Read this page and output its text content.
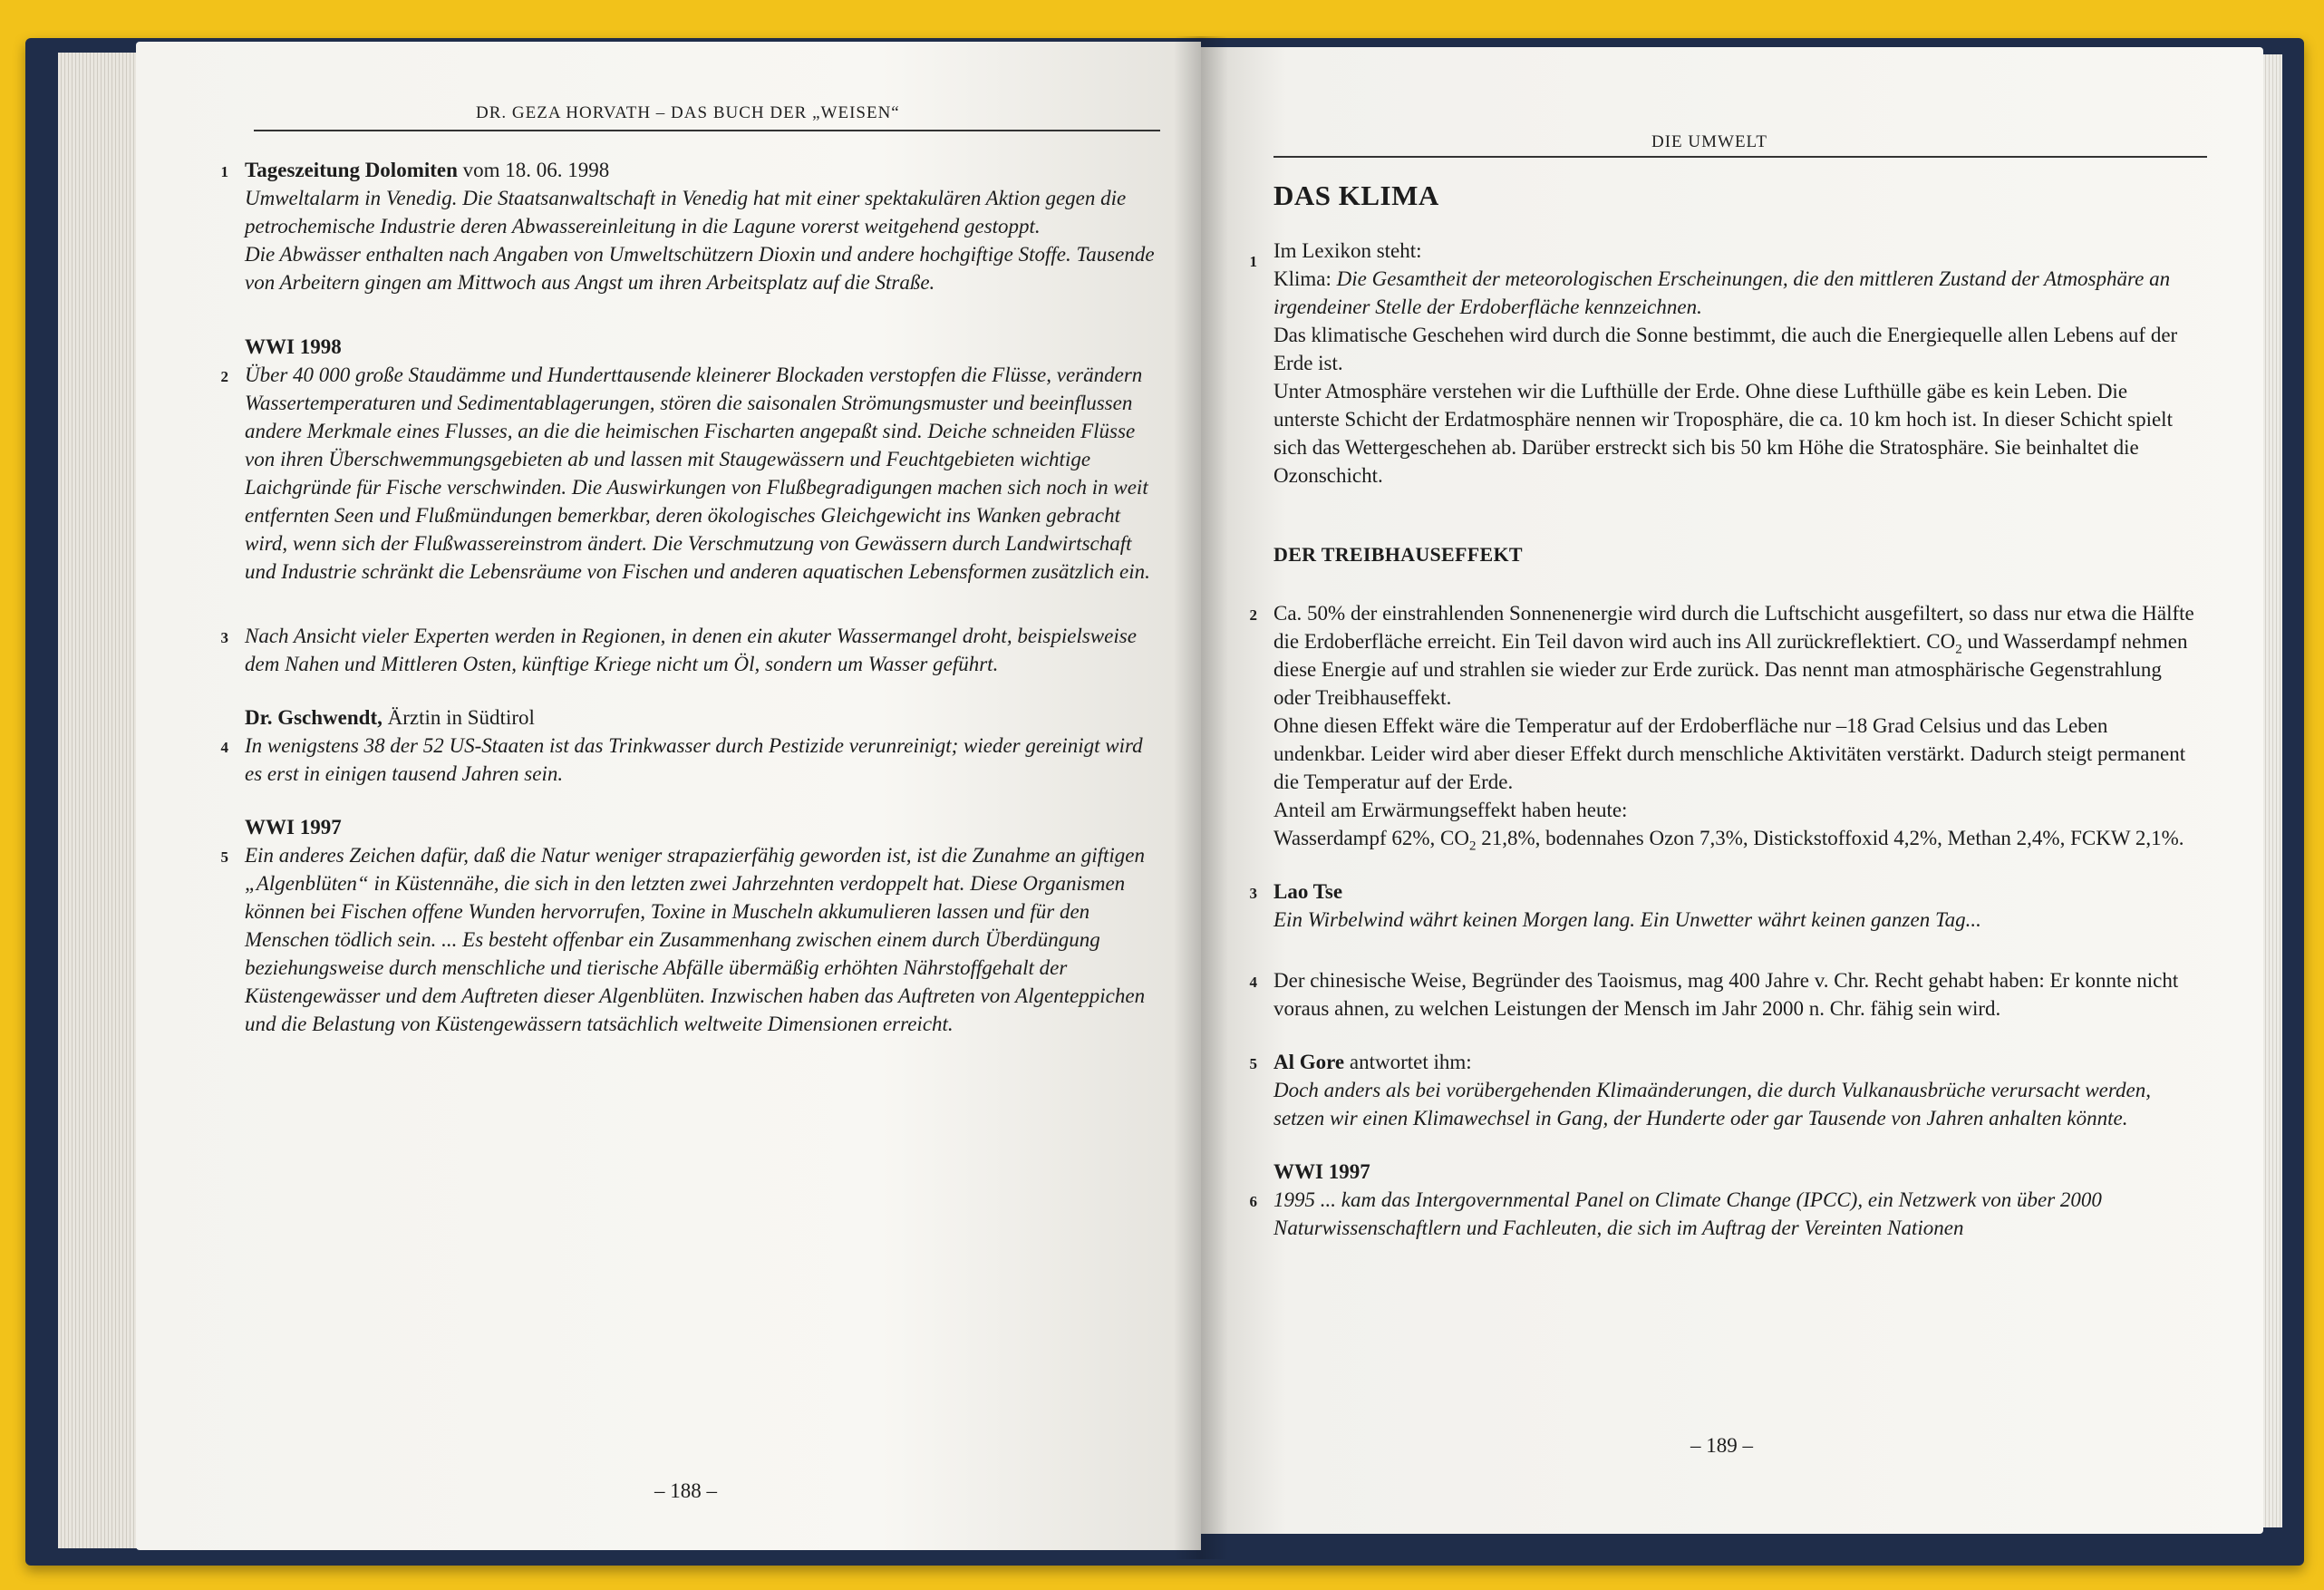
DR. GEZA HORVATH – DAS BUCH DER „WEISEN“

Tageszeitung Dolomiten vom 18. 06. 1998

1

Umweltalarm in Venedig. Die Staatsanwaltschaft in Venedig hat mit einer spektakulären Aktion gegen die petrochemische Industrie deren Abwassereinleitung in die Lagune vorerst weitgehend gestoppt.

Die Abwässer enthalten nach Angaben von Umweltschützern Dioxin und andere hochgiftige Stoffe. Tausende von Arbeitern gingen am Mittwoch aus Angst um ihren Arbeitsplatz auf die Straße.

WWI 1998

2 Über 40 000 große Staudämme und Hunderttausende kleinerer Blockaden verstopfen die Flüsse, verändern Wassertemperaturen und Sedimentablagerungen, stören die saisonalen Strömungsmuster und beeinflussen andere Merkmale eines Flusses, an die die heimischen Fischarten angepaßt sind. Deiche schneiden Flüsse von ihren Überschwemmungsgebieten ab und lassen mit Staugewässern und Feuchtgebieten wichtige Laichgründe für Fische verschwinden. Die Auswirkungen von Flußbegradigungen machen sich noch in weit entfernten Seen und Flußmündungen bemerkbar, deren ökologisches Gleichgewicht ins Wanken gebracht wird, wenn sich der Flußwassereinstrom ändert. Die Verschmutzung von Gewässern durch Landwirtschaft und Industrie schränkt die Lebensräume von Fischen und anderen aquatischen Lebensformen zusätzlich ein.

3 Nach Ansicht vieler Experten werden in Regionen, in denen ein akuter Wassermangel droht, beispielsweise dem Nahen und Mittleren Osten, künftige Kriege nicht um Öl, sondern um Wasser geführt.

Dr. Gschwendt, Ärztin in Südtirol

4 In wenigstens 38 der 52 US-Staaten ist das Trinkwasser durch Pestizide verunreinigt; wieder gereinigt wird es erst in einigen tausend Jahren sein.

WWI 1997

5 Ein anderes Zeichen dafür, daß die Natur weniger strapazierfähig geworden ist, ist die Zunahme an giftigen „Algenblüten“ in Küstennähe, die sich in den letzten zwei Jahrzehnten verdoppelt hat. Diese Organismen können bei Fischen offene Wunden hervorrufen, Toxine in Muscheln akkumulieren lassen und für den Menschen tödlich sein. ... Es besteht offenbar ein Zusammenhang zwischen einem durch Überdüngung beziehungsweise durch menschliche und tierische Abfälle übermäßig erhöhten Nährstoffgehalt der Küstengewässer und dem Auftreten dieser Algenblüten. Inzwischen haben das Auftreten von Algenteppichen und die Belastung von Küstengewässern tatsächlich weltweite Dimensionen erreicht.

– 188 –
DIE UMWELT

DAS KLIMA

1 Im Lexikon steht:

Klima: Die Gesamtheit der meteorologischen Erscheinungen, die den mittleren Zustand der Atmosphäre an irgendeiner Stelle der Erdoberfläche kennzeichnen.

Das klimatische Geschehen wird durch die Sonne bestimmt, die auch die Energiequelle allen Lebens auf der Erde ist.

Unter Atmosphäre verstehen wir die Lufthülle der Erde. Ohne diese Lufthülle gäbe es kein Leben. Die unterste Schicht der Erdatmosphäre nennen wir Troposphäre, die ca. 10 km hoch ist. In dieser Schicht spielt sich das Wettergeschehen ab. Darüber erstreckt sich bis 50 km Höhe die Stratosphäre. Sie beinhaltet die Ozonschicht.

DER TREIBHAUSEFFEKT

2 Ca. 50% der einstrahlenden Sonnenenergie wird durch die Luftschicht ausgefiltert, so dass nur etwa die Hälfte die Erdoberfläche erreicht. Ein Teil davon wird auch ins All zurückreflektiert. $CO_2$ und Wasserdampf nehmen diese Energie auf und strahlen sie wieder zur Erde zurück. Das nennt man atmosphärische Gegenstrahlung oder Treibhauseffekt.

Ohne diesen Effekt wäre die Temperatur auf der Erdoberfläche nur –18 Grad Celsius und das Leben undenkbar. Leider wird aber dieser Effekt durch menschliche Aktivitäten verstärkt. Dadurch steigt permanent die Temperatur auf der Erde.

Anteil am Erwärmungseffekt haben heute:

Wasserdampf 62%, $CO_2$ 21,8%, bodennahes Ozon 7,3%, Distickstoffoxid 4,2%, Methan 2,4%, FCKW 2,1%.

3 Lao Tse

Ein Wirbelwind währt keinen Morgen lang. Ein Unwetter währt keinen ganzen Tag...

4 Der chinesische Weise, Begründer des Taoismus, mag 400 Jahre v. Chr. Recht gehabt haben: Er konnte nicht voraus ahnen, zu welchen Leistungen der Mensch im Jahr 2000 n. Chr. fähig sein wird.

5 Al Gore antwortet ihm:

Doch anders als bei vorübergehenden Klimaänderungen, die durch Vulkanausbrüche verursacht werden, setzen wir einen Klimawechsel in Gang, der Hunderte oder gar Tausende von Jahren anhalten könnte.

WWI 1997

6 1995 ... kam das Intergovernmental Panel on Climate Change (IPCC), ein Netzwerk von über 2000 Naturwissenschaftlern und Fachleuten, die sich im Auftrag der Vereinten Nationen

– 189 –
